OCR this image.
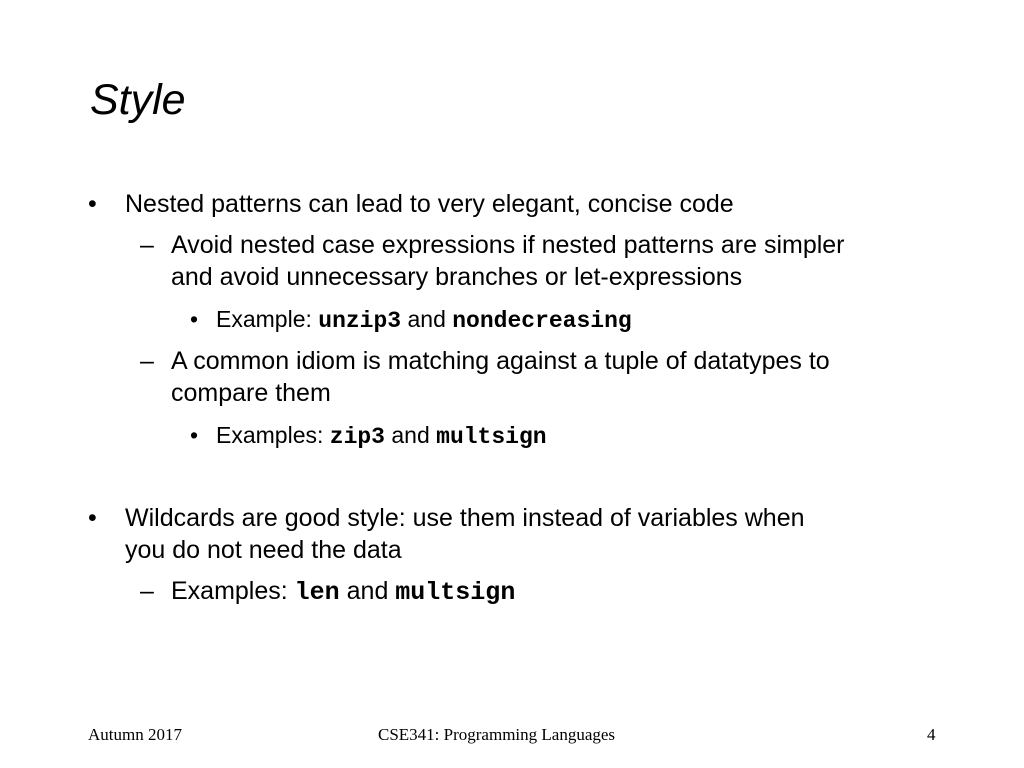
Style
• Nested patterns can lead to very elegant, concise code
– Avoid nested case expressions if nested patterns are simpler
and avoid unnecessary branches or let-expressions
• Example: unzip3 and nondecreasing
– A common idiom is matching against a tuple of datatypes to
compare them
• Examples: zip3 and multsign
• Wildcards are good style: use them instead of variables when
you do not need the data
– Examples: len and multsign
Autumn 2017	CSE341: Programming Languages	4
